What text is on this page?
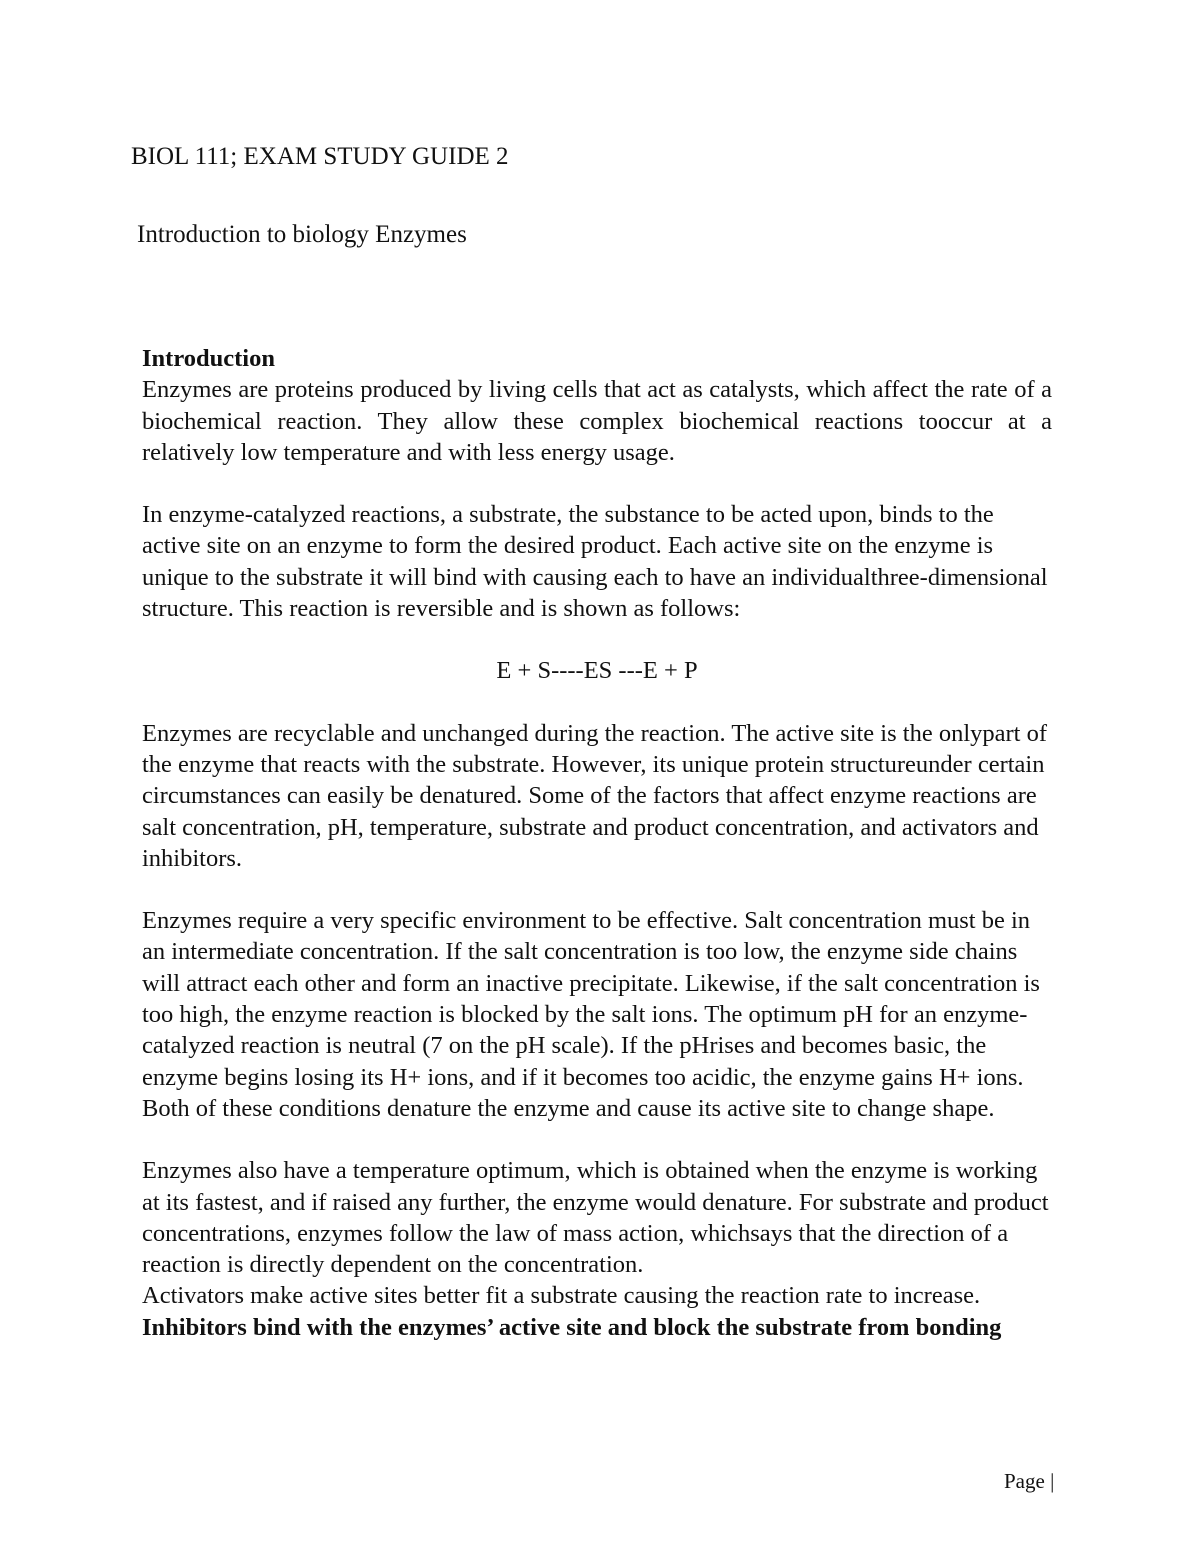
BIOL 111; EXAM STUDY GUIDE 2
Introduction to biology Enzymes
Introduction

Enzymes are proteins produced by living cells that act as catalysts, which affect the rate of a biochemical reaction. They allow these complex biochemical reactions tooccur at a relatively low temperature and with less energy usage.

In enzyme-catalyzed reactions, a substrate, the substance to be acted upon, binds to the active site on an enzyme to form the desired product. Each active site on the enzyme is unique to the substrate it will bind with causing each to have an individualthree-dimensional structure. This reaction is reversible and is shown as follows:

E + S----ES ---E + P

Enzymes are recyclable and unchanged during the reaction. The active site is the onlypart of the enzyme that reacts with the substrate. However, its unique protein structureunder certain circumstances can easily be denatured. Some of the factors that affect enzyme reactions are salt concentration, pH, temperature, substrate and product concentration, and activators and inhibitors.

Enzymes require a very specific environment to be effective. Salt concentration must be in an intermediate concentration. If the salt concentration is too low, the enzyme side chains will attract each other and form an inactive precipitate. Likewise, if the salt concentration is too high, the enzyme reaction is blocked by the salt ions. The optimum pH for an enzyme-catalyzed reaction is neutral (7 on the pH scale). If the pHrises and becomes basic, the enzyme begins losing its H+ ions, and if it becomes too acidic, the enzyme gains H+ ions. Both of these conditions denature the enzyme and cause its active site to change shape.

Enzymes also have a temperature optimum, which is obtained when the enzyme is working at its fastest, and if raised any further, the enzyme would denature. For substrate and product concentrations, enzymes follow the law of mass action, whichsays that the direction of a reaction is directly dependent on the concentration.

Activators make active sites better fit a substrate causing the reaction rate to increase.

Inhibitors bind with the enzymes’ active site and block the substrate from bonding

Page |
